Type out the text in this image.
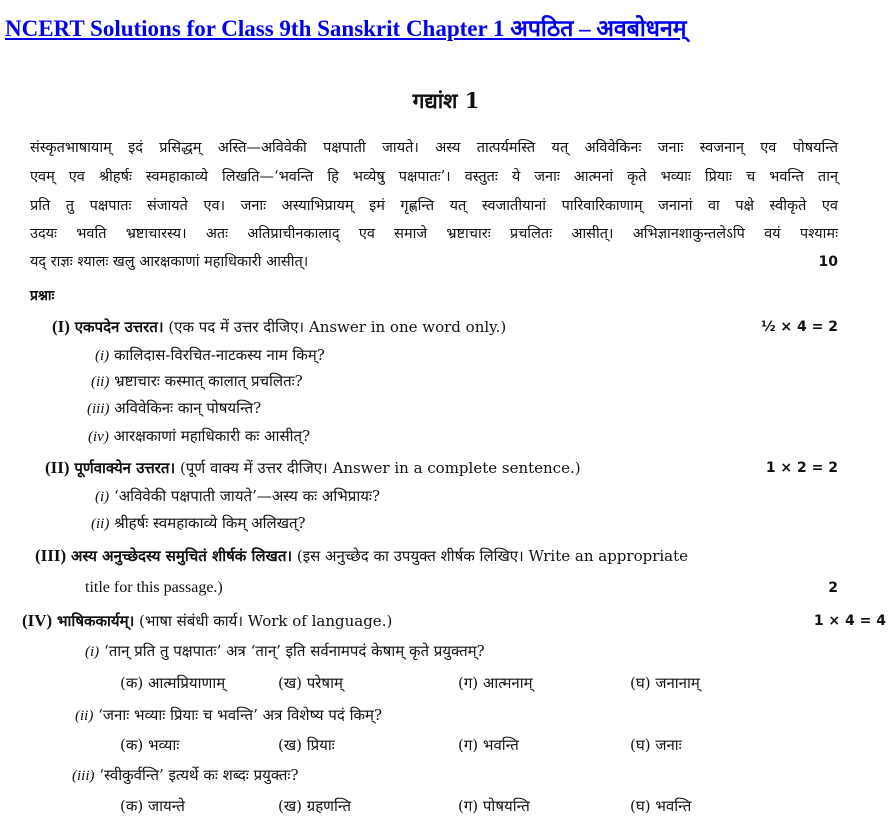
NCERT Solutions for Class 9th Sanskrit Chapter 1 अपठित – अवबोधनम्
गद्यांश 1
संस्कृतभाषायाम् इदं प्रसिद्धम् अस्ति—अविवेकी पक्षपाती जायते। अस्य तात्पर्यमस्ति यत् अविवेकिनः जनाः स्वजनान् एव पोषयन्ति
एवम् एव श्रीहर्षः स्वमहाकाव्ये लिखति—‘भवन्ति हि भव्येषु पक्षपातः’। वस्तुतः ये जनाः आत्मनां कृते भव्याः प्रियाः च भवन्ति तान्
प्रति तु पक्षपातः संजायते एव। जनाः अस्याभिप्रायम् इमं गृह्णन्ति यत् स्वजातीयानां पारिवारिकाणाम् जनानां वा पक्षे स्वीकृते एव
उदयः भवति भ्रष्टाचारस्य। अतः अतिप्राचीनकालाद् एव समाजे भ्रष्टाचारः प्रचलितः आसीत्। अभिज्ञानशाकुन्तलेऽपि वयं पश्यामः
यद् राज्ञः श्यालः खलु आरक्षकाणां महाधिकारी आसीत्।	10
प्रश्नाः
(I) एकपदेन उत्तरत। (एक पद में उत्तर दीजिए। Answer in one word only.)	½ × 4 = 2
(i) कालिदास-विरचित-नाटकस्य नाम किम्?
(ii) भ्रष्टाचारः कस्मात् कालात् प्रचलितः?
(iii) अविवेकिनः कान् पोषयन्ति?
(iv) आरक्षकाणां महाधिकारी कः आसीत्?
(II) पूर्णवाक्येन उत्तरत। (पूर्ण वाक्य में उत्तर दीजिए। Answer in a complete sentence.)	1 × 2 = 2
(i) ‘अविवेकी पक्षपाती जायते’—अस्य कः अभिप्रायः?
(ii) श्रीहर्षः स्वमहाकाव्ये किम् अलिखत्?
(III) अस्य अनुच्छेदस्य समुचितं शीर्षकं लिखत। (इस अनुच्छेद का उपयुक्त शीर्षक लिखिए। Write an appropriate
title for this passage.)	2
(IV) भाषिककार्यम्। (भाषा संबंधी कार्य। Work of language.)	1 × 4 = 4
(i) ‘तान् प्रति तु पक्षपातः’ अत्र ‘तान्’ इति सर्वनामपदं केषाम् कृते प्रयुक्तम्?
(क) आत्मप्रियाणाम्	(ख) परेषाम्	(ग) आत्मनाम्	(घ) जनानाम्
(ii) ‘जनाः भव्याः प्रियाः च भवन्ति’ अत्र विशेष्य पदं किम्?
(क) भव्याः	(ख) प्रियाः	(ग) भवन्ति	(घ) जनाः
(iii) ‘स्वीकुर्वन्ति’ इत्यर्थे कः शब्दः प्रयुक्तः?
(क) जायन्ते	(ख) ग्रहणन्ति	(ग) पोषयन्ति	(घ) भवन्ति
